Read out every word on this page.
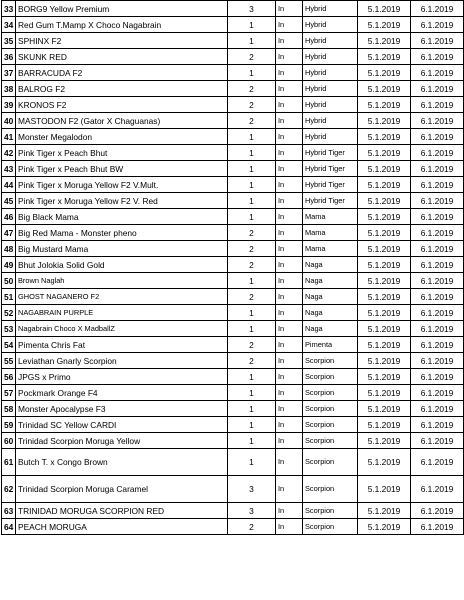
33	BORG9 Yellow Premium	3	In	Hybrid	5.1.2019	6.1.2019
34	Red Gum T.Mamp X Choco Nagabrain	1	In	Hybrid	5.1.2019	6.1.2019
35	SPHINX F2	1	In	Hybrid	5.1.2019	6.1.2019
36	SKUNK RED	2	In	Hybrid	5.1.2019	6.1.2019
37	BARRACUDA F2	1	In	Hybrid	5.1.2019	6.1.2019
38	BALROG F2	2	In	Hybrid	5.1.2019	6.1.2019
39	KRONOS F2	2	In	Hybrid	5.1.2019	6.1.2019
40	MASTODON F2 (Gator X Chaguanas)	2	In	Hybrid	5.1.2019	6.1.2019
41	Monster Megalodon	1	In	Hybrid	5.1.2019	6.1.2019
42	Pink Tiger x Peach Bhut	1	In	Hybrid Tiger	5.1.2019	6.1.2019
43	Pink Tiger x Peach Bhut BW	1	In	Hybrid Tiger	5.1.2019	6.1.2019
44	Pink Tiger x Moruga Yellow F2 V.Mult.	1	In	Hybrid Tiger	5.1.2019	6.1.2019
45	Pink Tiger x Moruga Yellow F2 V. Red	1	In	Hybrid Tiger	5.1.2019	6.1.2019
46	Big Black Mama	1	In	Mama	5.1.2019	6.1.2019
47	Big Red Mama - Monster pheno	2	In	Mama	5.1.2019	6.1.2019
48	Big Mustard Mama	2	In	Mama	5.1.2019	6.1.2019
49	Bhut Jolokia Solid Gold	2	In	Naga	5.1.2019	6.1.2019
50	Brown Naglah	1	In	Naga	5.1.2019	6.1.2019
51	GHOST NAGANERO F2	2	In	Naga	5.1.2019	6.1.2019
52	NAGABRAIN PURPLE	1	In	Naga	5.1.2019	6.1.2019
53	Nagabrain Choco X MadballZ	1	In	Naga	5.1.2019	6.1.2019
54	Pimenta Chris Fat	2	In	Pimenta	5.1.2019	6.1.2019
55	Leviathan Gnarly Scorpion	2	In	Scorpion	5.1.2019	6.1.2019
56	JPGS x Primo	1	In	Scorpion	5.1.2019	6.1.2019
57	Pockmark Orange F4	1	In	Scorpion	5.1.2019	6.1.2019
58	Monster Apocalypse F3	1	In	Scorpion	5.1.2019	6.1.2019
59	Trinidad SC Yellow CARDI	1	In	Scorpion	5.1.2019	6.1.2019
60	Trinidad Scorpion Moruga Yellow	1	In	Scorpion	5.1.2019	6.1.2019
61	Butch T. x Congo Brown	1	In	Scorpion	5.1.2019	6.1.2019
62	Trinidad Scorpion Moruga Caramel	3	In	Scorpion	5.1.2019	6.1.2019
63	TRINIDAD MORUGA SCORPION RED	3	In	Scorpion	5.1.2019	6.1.2019
64	PEACH MORUGA	2	In	Scorpion	5.1.2019	6.1.2019
